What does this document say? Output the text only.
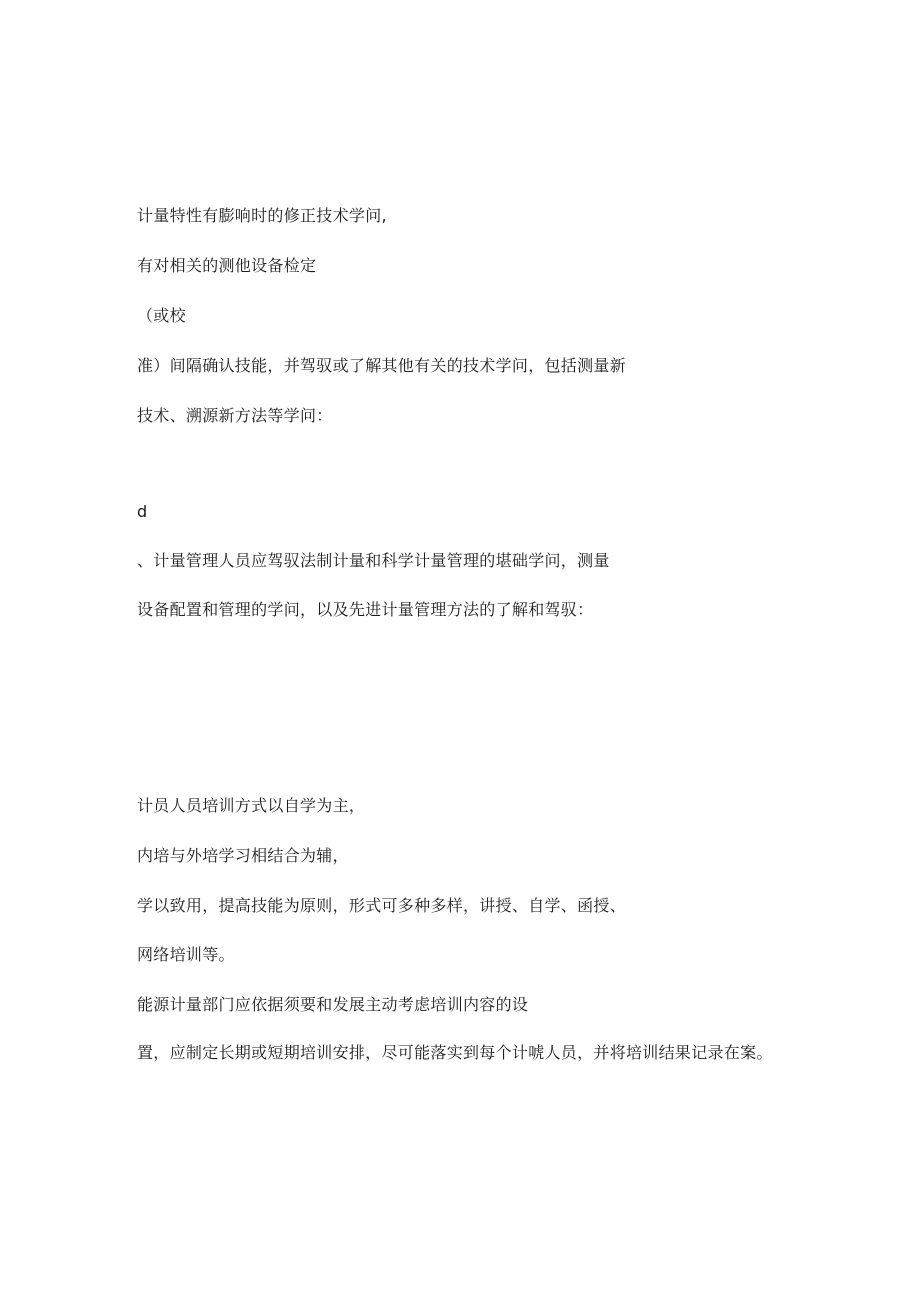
计量特性有膨响时的修正技术学问,
有对相关的测他设备检定
（或校
准）间隔确认技能，并驾驭或了解其他有关的技术学问，包括测量新
技术、溯源新方法等学问：
d
、计量管理人员应驾驭法制计量和科学计量管理的堪础学问，测量
设备配置和管理的学问，以及先进计量管理方法的了解和驾驭：
计员人员培训方式以自学为主，
内培与外培学习相结合为辅，
学以致用，提高技能为原则，形式可多种多样，讲授、自学、函授、
网络培训等。
能源计量部门应依据须要和发展主动考虑培训内容的设
置，应制定长期或短期培训安排，尽可能落实到每个计唬人员，并将培训结果记录在案。
